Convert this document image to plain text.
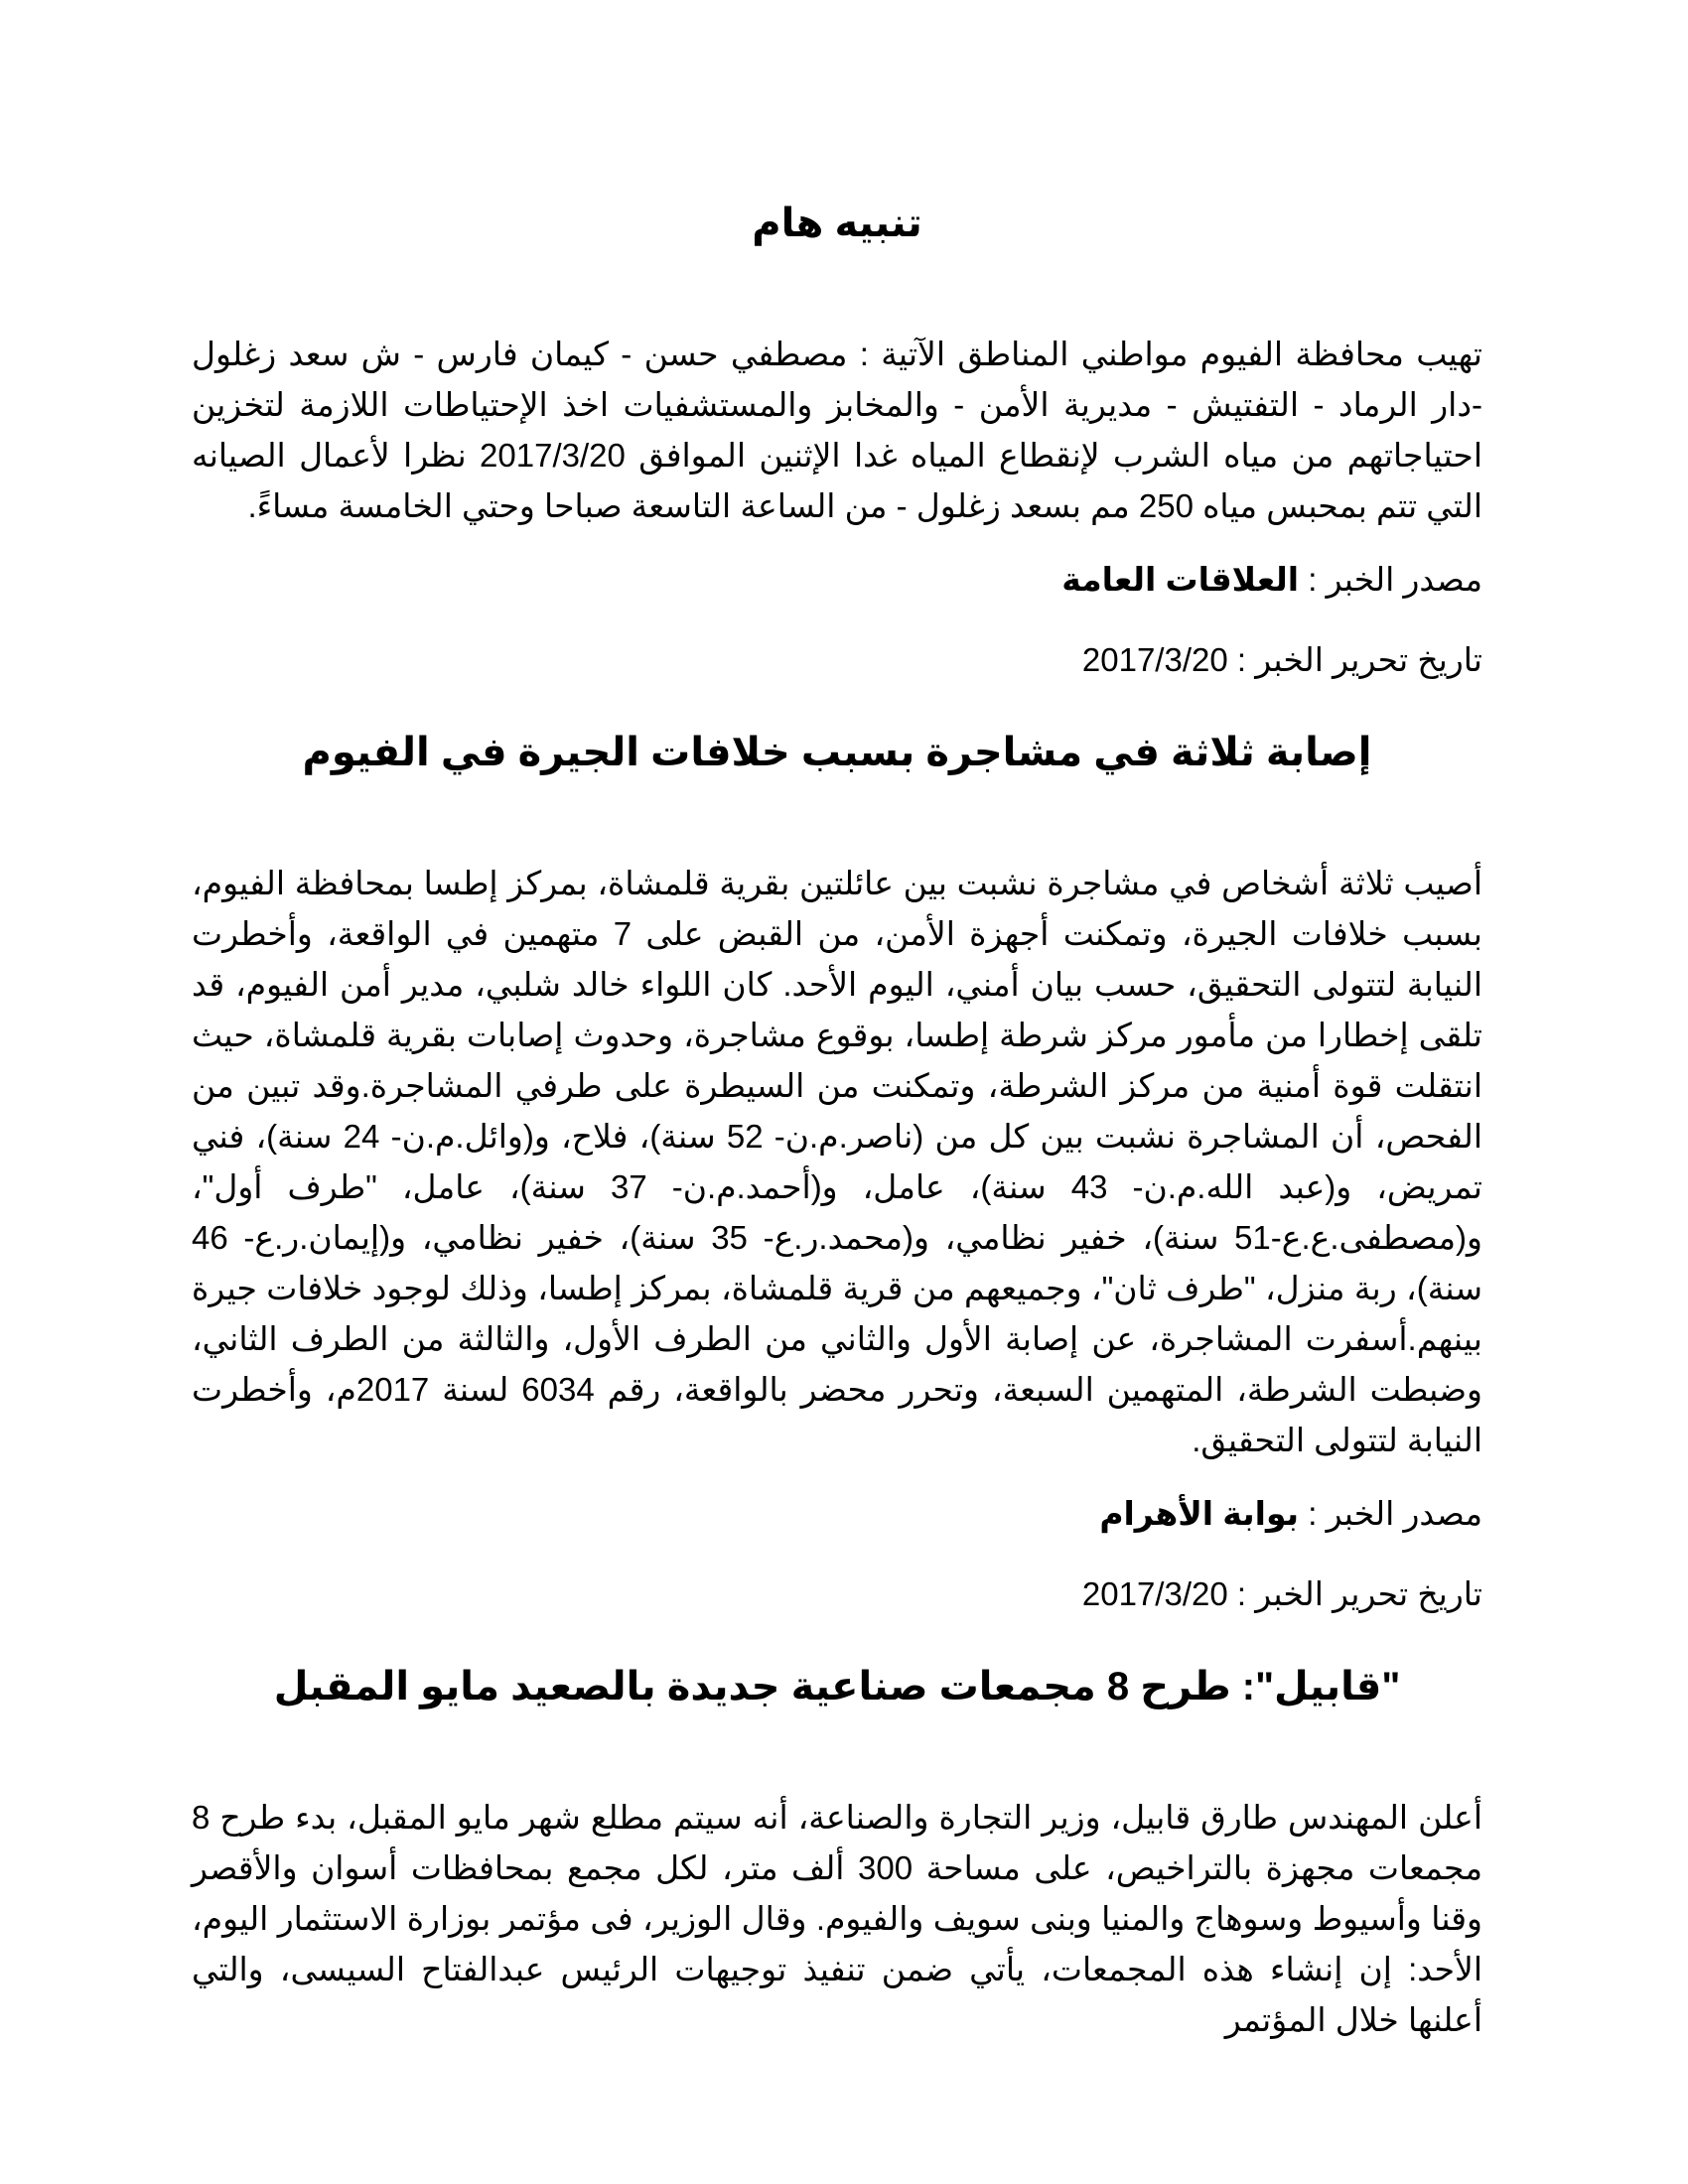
تنبيه هام

تهيب محافظة الفيوم مواطني المناطق الآتية : مصطفي حسن - كيمان فارس - ش سعد زغلول -دار الرماد - التفتيش - مديرية الأمن - والمخابز والمستشفيات اخذ الإحتياطات اللازمة لتخزين احتياجاتهم من مياه الشرب لإنقطاع المياه غدا الإثنين الموافق 2017/3/20 نظرا لأعمال الصيانه التي تتم بمحبس مياه 250 مم بسعد زغلول - من الساعة التاسعة صباحا وحتي الخامسة مساءً.

مصدر الخبر : العلاقات العامة

تاريخ تحرير الخبر : 2017/3/20

إصابة ثلاثة في مشاجرة بسبب خلافات الجيرة في الفيوم

أصيب ثلاثة أشخاص في مشاجرة نشبت بين عائلتين بقرية قلمشاة، بمركز إطسا بمحافظة الفيوم، بسبب خلافات الجيرة، وتمكنت أجهزة الأمن، من القبض على 7 متهمين في الواقعة، وأخطرت النيابة لتتولى التحقيق، حسب بيان أمني، اليوم الأحد. كان اللواء خالد شلبي، مدير أمن الفيوم، قد تلقى إخطارا من مأمور مركز شرطة إطسا، بوقوع مشاجرة، وحدوث إصابات بقرية قلمشاة، حيث انتقلت قوة أمنية من مركز الشرطة، وتمكنت من السيطرة على طرفي المشاجرة.وقد تبين من الفحص، أن المشاجرة نشبت بين كل من (ناصر.م.ن- 52 سنة)، فلاح، و(وائل.م.ن- 24 سنة)، فني تمريض، و(عبد الله.م.ن- 43 سنة)، عامل، و(أحمد.م.ن- 37 سنة)، عامل، "طرف أول"، و(مصطفى.ع.ع-51 سنة)، خفير نظامي، و(محمد.ر.ع- 35 سنة)، خفير نظامي، و(إيمان.ر.ع- 46 سنة)، ربة منزل، "طرف ثان"، وجميعهم من قرية قلمشاة، بمركز إطسا، وذلك لوجود خلافات جيرة بينهم.أسفرت المشاجرة، عن إصابة الأول والثاني من الطرف الأول، والثالثة من الطرف الثاني، وضبطت الشرطة، المتهمين السبعة، وتحرر محضر بالواقعة، رقم 6034 لسنة 2017م، وأخطرت النيابة لتتولى التحقيق.

مصدر الخبر : بوابة الأهرام

تاريخ تحرير الخبر : 2017/3/20

"قابيل": طرح 8 مجمعات صناعية جديدة بالصعيد مايو المقبل

أعلن المهندس طارق قابيل، وزير التجارة والصناعة، أنه سيتم مطلع شهر مايو المقبل، بدء طرح 8 مجمعات مجهزة بالتراخيص، على مساحة 300 ألف متر، لكل مجمع بمحافظات أسوان والأقصر وقنا وأسيوط وسوهاج والمنيا وبنى سويف والفيوم. وقال الوزير، فى مؤتمر بوزارة الاستثمار اليوم، الأحد: إن إنشاء هذه المجمعات، يأتي ضمن تنفيذ توجيهات الرئيس عبدالفتاح السيسى، والتي أعلنها خلال المؤتمر
